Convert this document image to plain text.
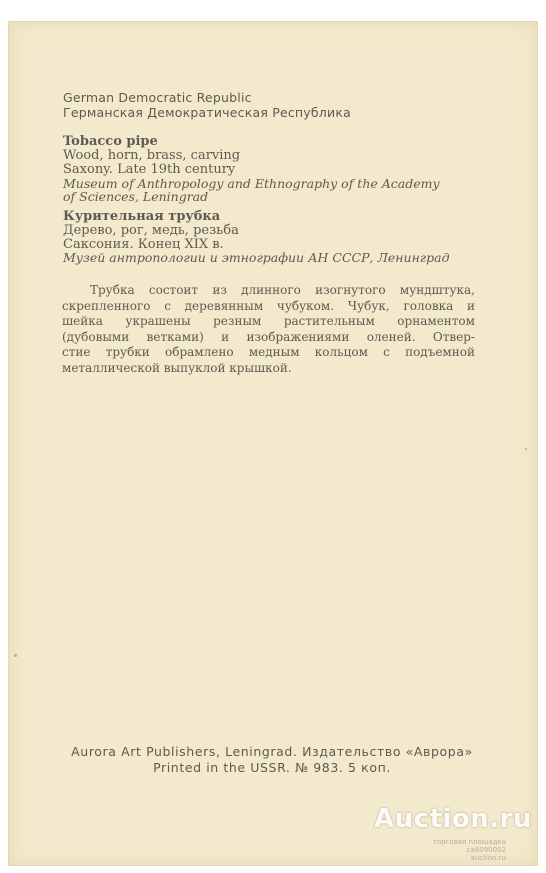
German Democratic Republic
Германская Демократическая Республика
Tobacco pipe
Wood, horn, brass, carving
Saxony. Late 19th century
Museum of Anthropology and Ethnography of the Academy
of Sciences, Leningrad
Курительная трубка
Дерево, рог, медь, резьба
Саксония. Конец XIX в.
Музей антропологии и этнографии АН СССР, Ленинград
Трубка состоит из длинного изогнутого мундштука,
скрепленного с деревянным чубуком. Чубук, головка и
шейка украшены резным растительным орнаментом
(дубовыми ветками) и изображениями оленей. Отвер-
стие трубки обрамлено медным кольцом с подъемной
металлической выпуклой крышкой.
Aurora Art Publishers, Leningrad. Издательство «Аврора»
Printed in the USSR. № 983. 5 коп.
Auction.ru
торговая площадка
ca8090002
auction.ru
